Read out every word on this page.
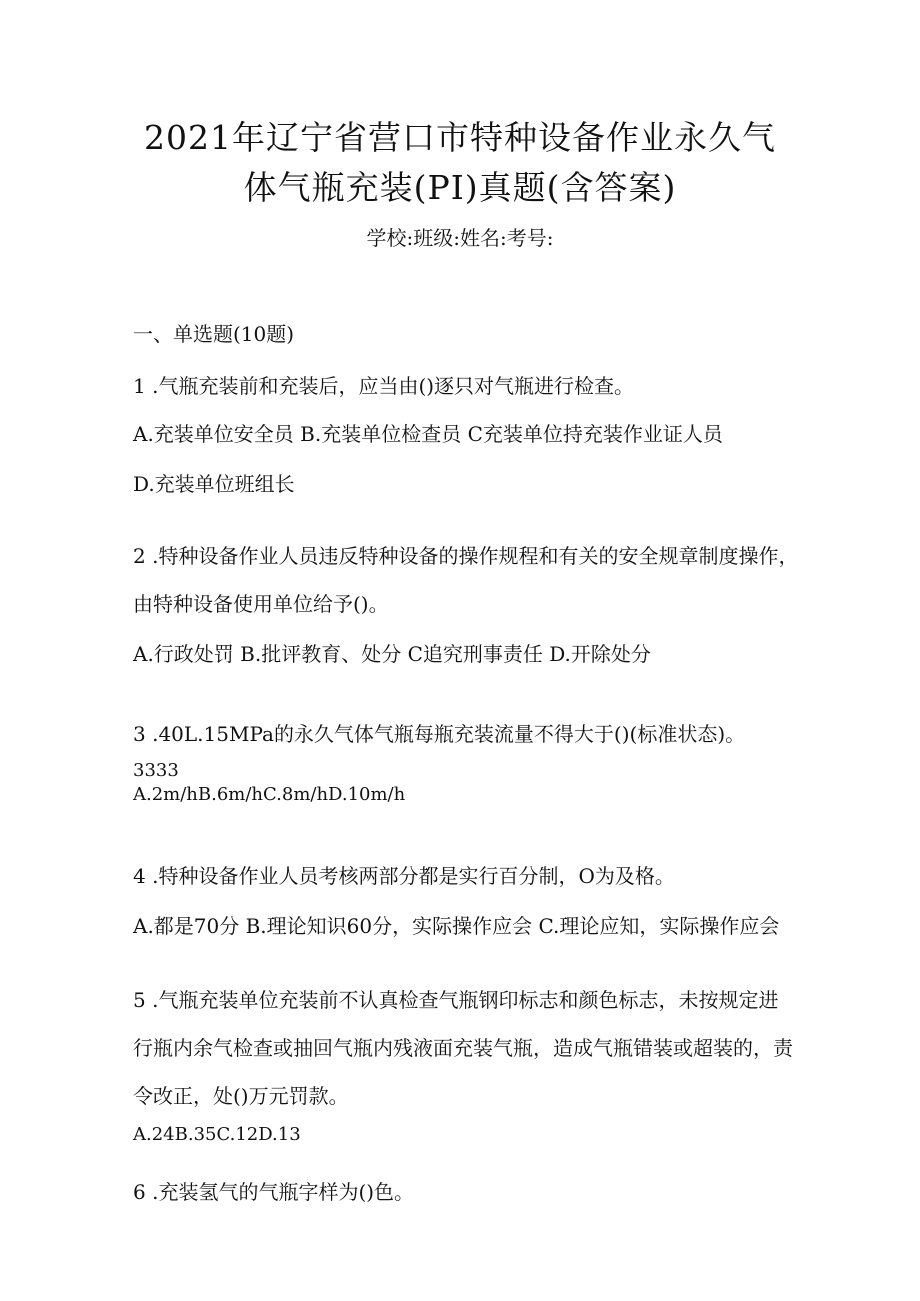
2021年辽宁省营口市特种设备作业永久气
体气瓶充装(PI)真题(含答案)
学校:班级:姓名:考号:
一、单选题(10题)
1 .气瓶充装前和充装后，应当由()逐只对气瓶进行检查。
A.充装单位安全员 B.充装单位检查员 C充装单位持充装作业证人员
D.充装单位班组长
2 .特种设备作业人员违反特种设备的操作规程和有关的安全规章制度操作，
由特种设备使用单位给予()。
A.行政处罚 B.批评教育、处分 C追究刑事责任 D.开除处分
3 .40L.15MPa的永久气体气瓶每瓶充装流量不得大于()(标准状态)。
3333
A.2m/hB.6m/hC.8m/hD.10m/h
4 .特种设备作业人员考核两部分都是实行百分制，O为及格。
A.都是70分 B.理论知识60分，实际操作应会 C.理论应知，实际操作应会
5 .气瓶充装单位充装前不认真检查气瓶钢印标志和颜色标志，未按规定进
行瓶内余气检查或抽回气瓶内残液面充装气瓶，造成气瓶错装或超装的，责
令改正，处()万元罚款。
A.24B.35C.12D.13
6 .充装氢气的气瓶字样为()色。
